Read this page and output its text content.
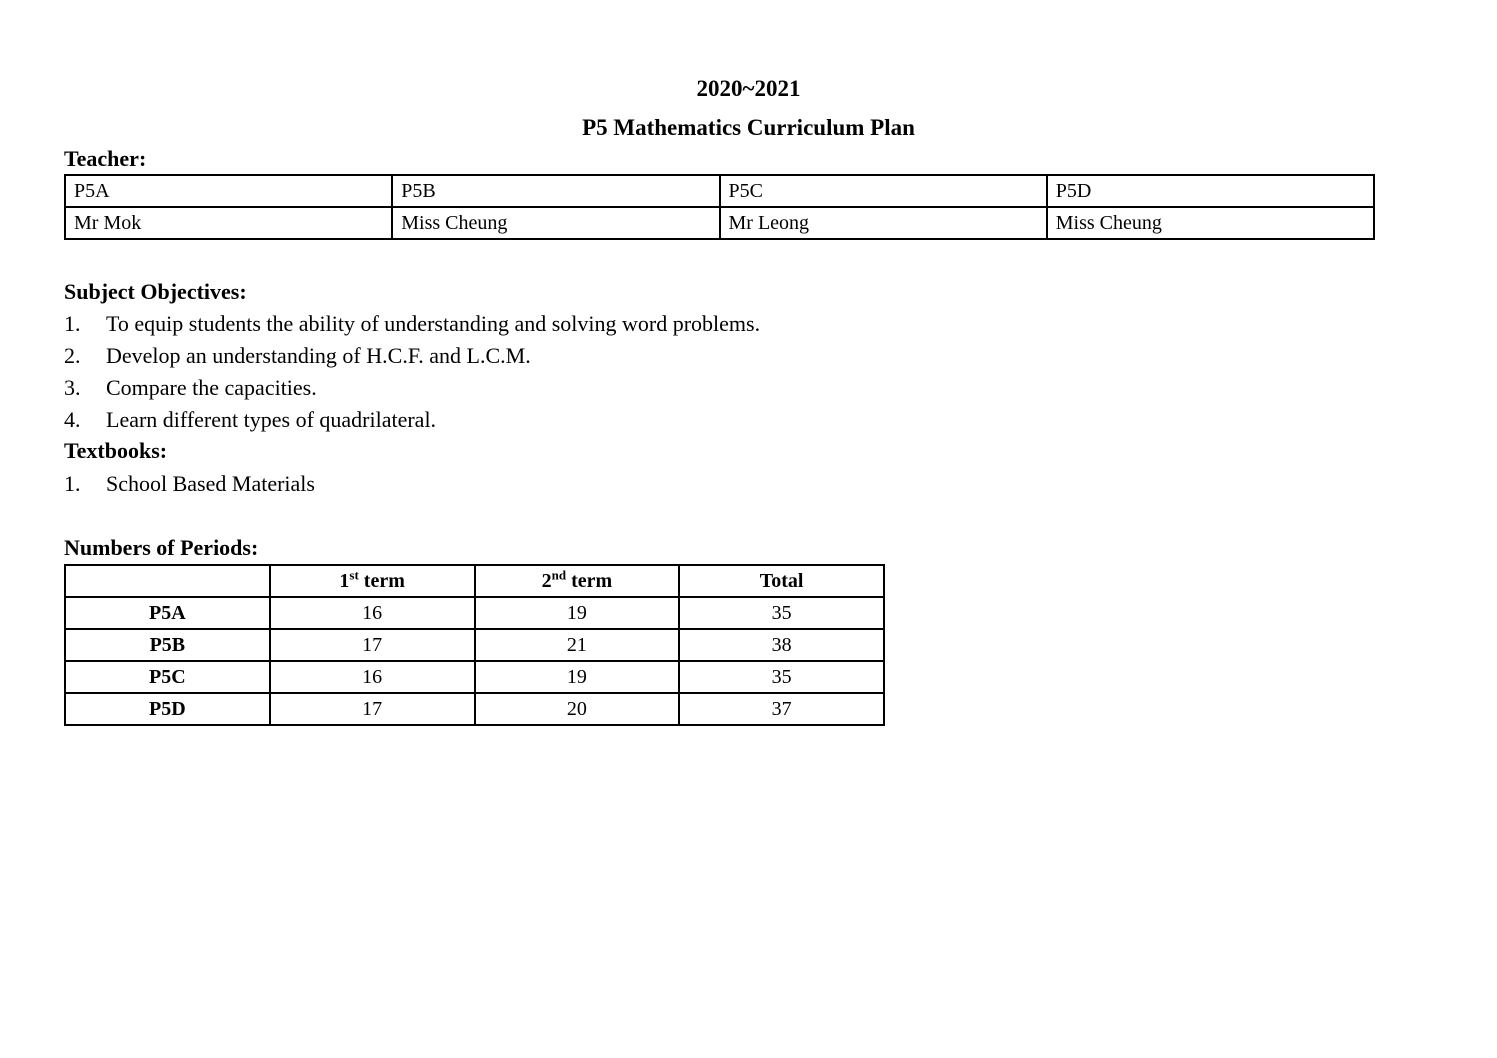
2020~2021
P5 Mathematics Curriculum Plan
Teacher:
P5A	P5B	P5C	P5D
Mr Mok	Miss Cheung	Mr Leong	Miss Cheung
Subject Objectives:
1. To equip students the ability of understanding and solving word problems.
2. Develop an understanding of H.C.F. and L.C.M.
3. Compare the capacities.
4. Learn different types of quadrilateral.
Textbooks:
1. School Based Materials
Numbers of Periods:
	1st term	2nd term	Total
P5A	16	19	35
P5B	17	21	38
P5C	16	19	35
P5D	17	20	37
